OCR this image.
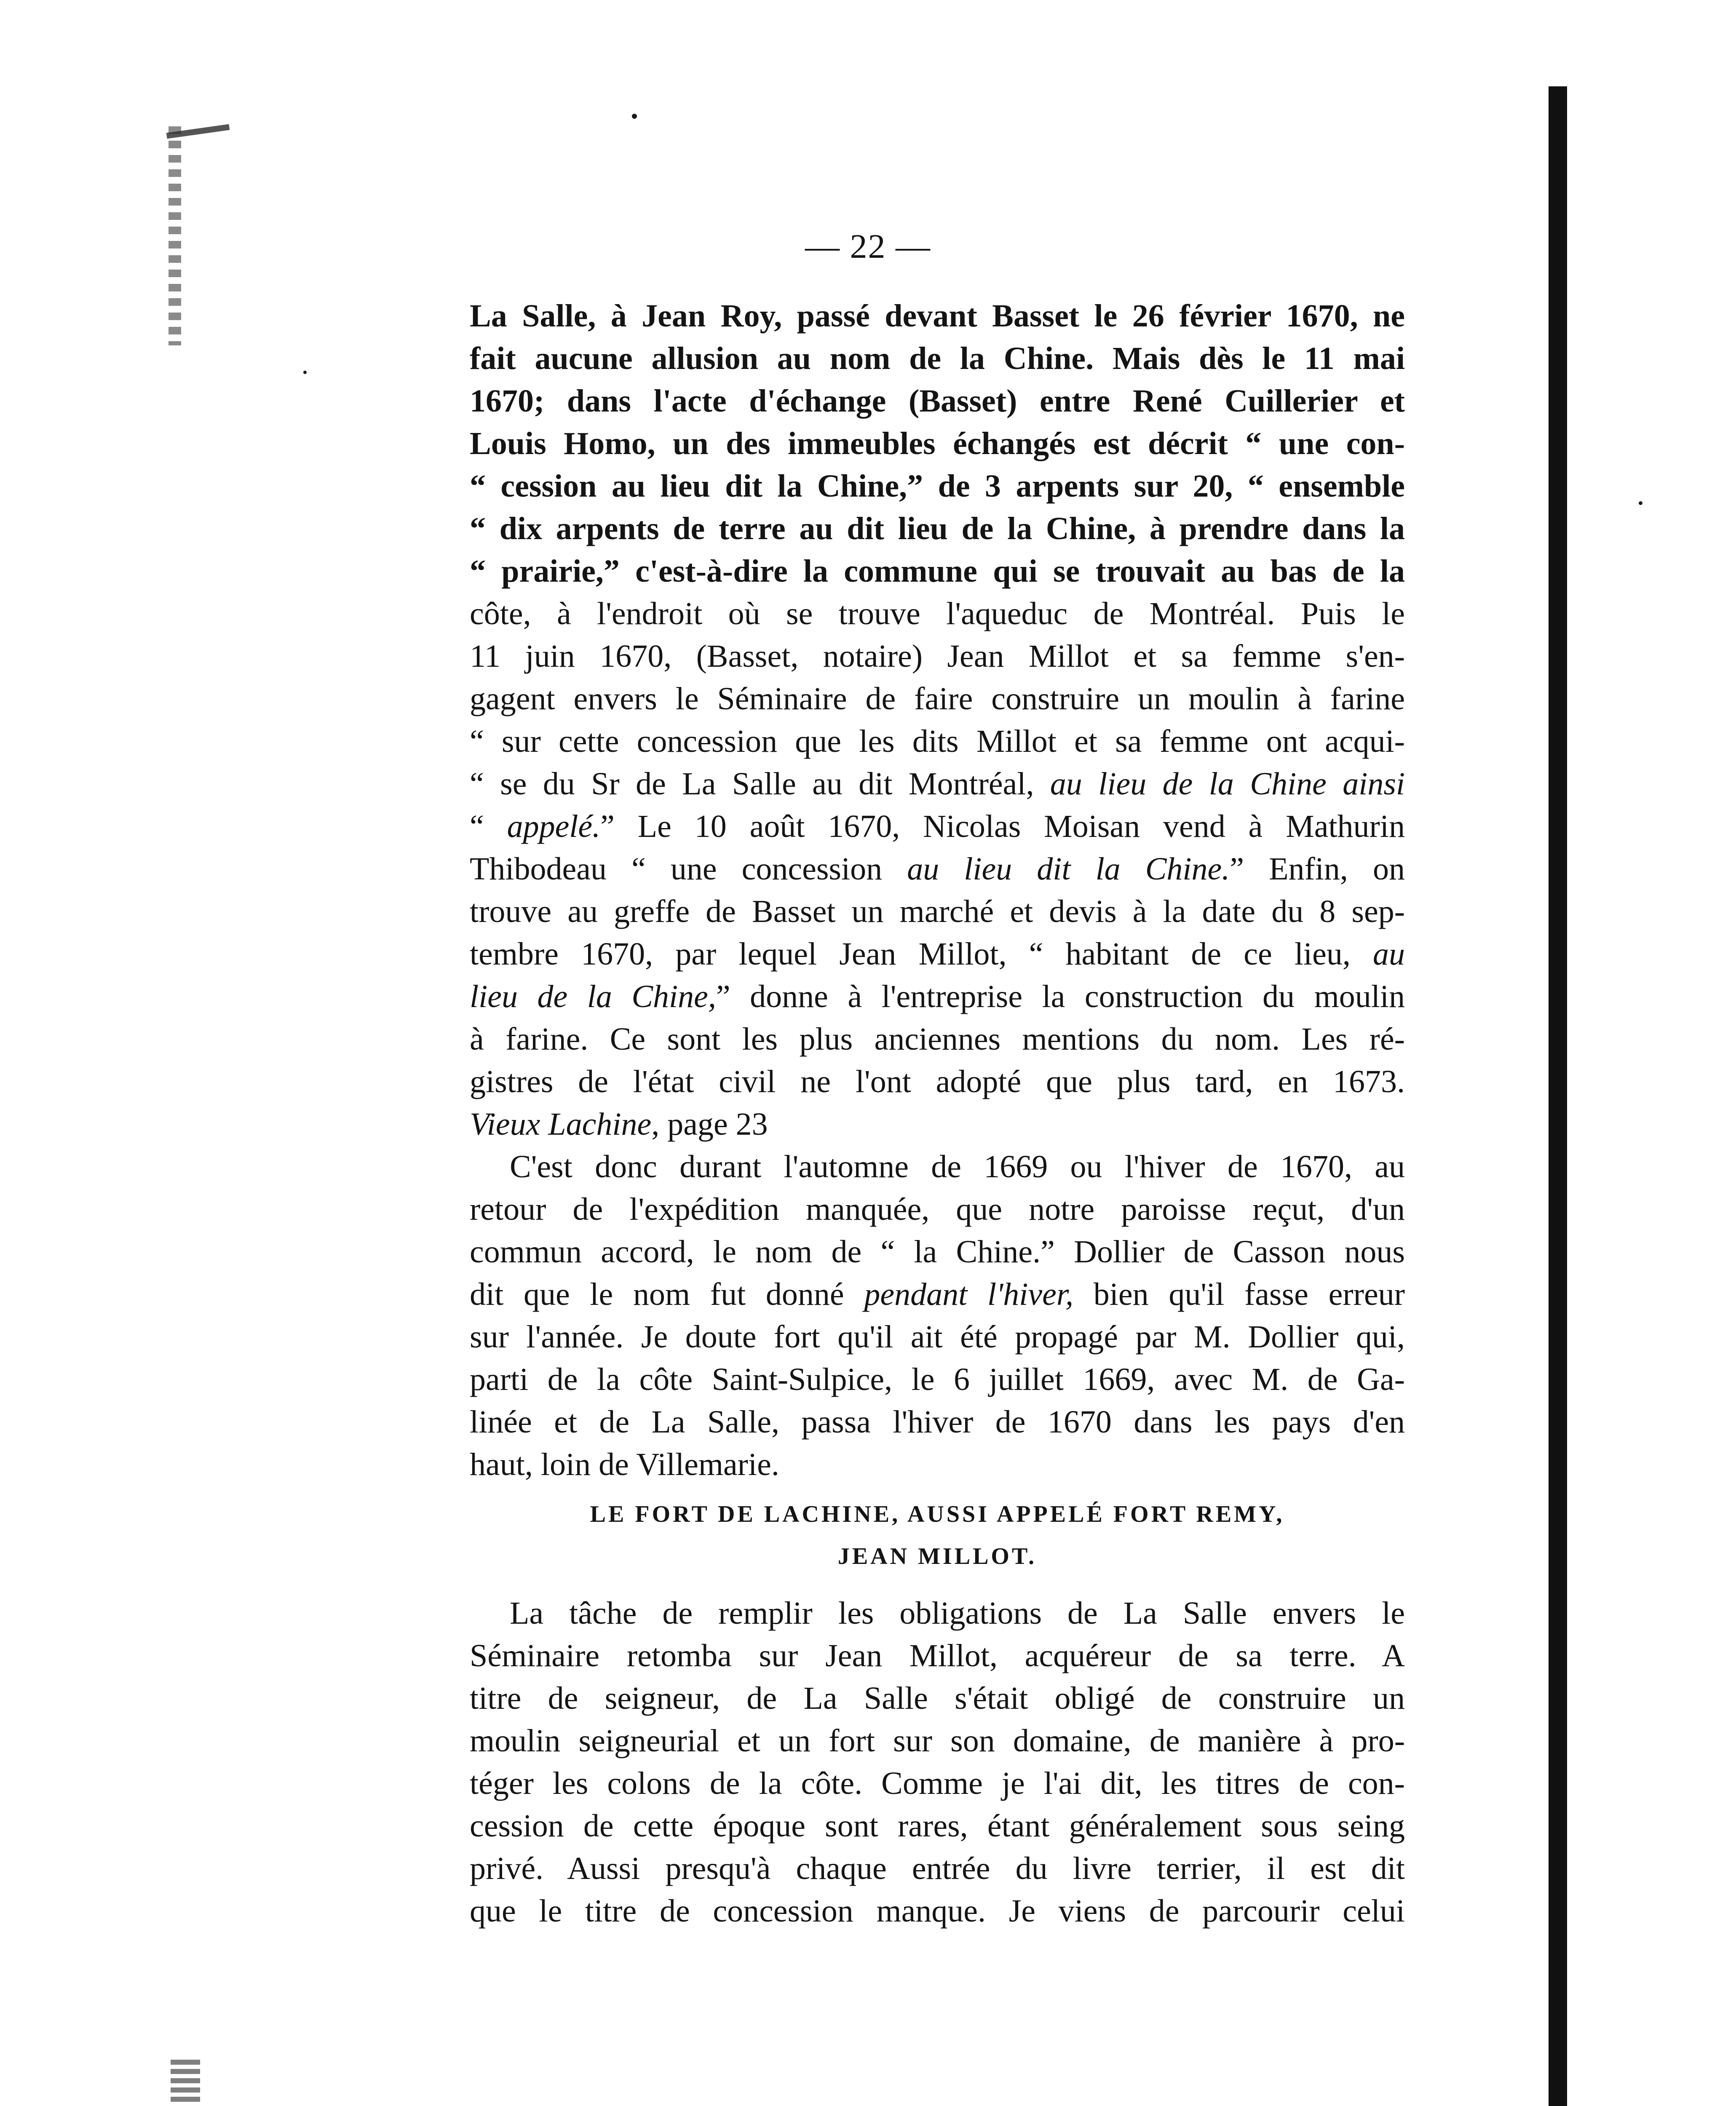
— 22 —
La Salle, à Jean Roy, passé devant Basset le 26 février 1670, ne
fait aucune allusion au nom de la Chine. Mais dès le 11 mai
1670; dans l'acte d'échange (Basset) entre René Cuillerier et
Louis Homo, un des immeubles échangés est décrit “ une con-
“ cession au lieu dit la Chine,” de 3 arpents sur 20, “ ensemble
“ dix arpents de terre au dit lieu de la Chine, à prendre dans la
“ prairie,” c'est-à-dire la commune qui se trouvait au bas de la
côte, à l'endroit où se trouve l'aqueduc de Montréal. Puis le
11 juin 1670, (Basset, notaire) Jean Millot et sa femme s'en-
gagent envers le Séminaire de faire construire un moulin à farine
“ sur cette concession que les dits Millot et sa femme ont acqui-
“ se du Sr de La Salle au dit Montréal, au lieu de la Chine ainsi
“ appelé.” Le 10 août 1670, Nicolas Moisan vend à Mathurin
Thibodeau “ une concession au lieu dit la Chine.” Enfin, on
trouve au greffe de Basset un marché et devis à la date du 8 sep-
tembre 1670, par lequel Jean Millot, “ habitant de ce lieu, au
lieu de la Chine,” donne à l'entreprise la construction du moulin
à farine. Ce sont les plus anciennes mentions du nom. Les ré-
gistres de l'état civil ne l'ont adopté que plus tard, en 1673.
Vieux Lachine, page 23
C'est donc durant l'automne de 1669 ou l'hiver de 1670, au
retour de l'expédition manquée, que notre paroisse reçut, d'un
commun accord, le nom de “ la Chine.” Dollier de Casson nous
dit que le nom fut donné pendant l'hiver, bien qu'il fasse erreur
sur l'année. Je doute fort qu'il ait été propagé par M. Dollier qui,
parti de la côte Saint-Sulpice, le 6 juillet 1669, avec M. de Ga-
linée et de La Salle, passa l'hiver de 1670 dans les pays d'en
haut, loin de Villemarie.
LE FORT DE LACHINE, AUSSI APPELÉ FORT REMY,
JEAN MILLOT.
La tâche de remplir les obligations de La Salle envers le
Séminaire retomba sur Jean Millot, acquéreur de sa terre. A
titre de seigneur, de La Salle s'était obligé de construire un
moulin seigneurial et un fort sur son domaine, de manière à pro-
téger les colons de la côte. Comme je l'ai dit, les titres de con-
cession de cette époque sont rares, étant généralement sous seing
privé. Aussi presqu'à chaque entrée du livre terrier, il est dit
que le titre de concession manque. Je viens de parcourir celui
